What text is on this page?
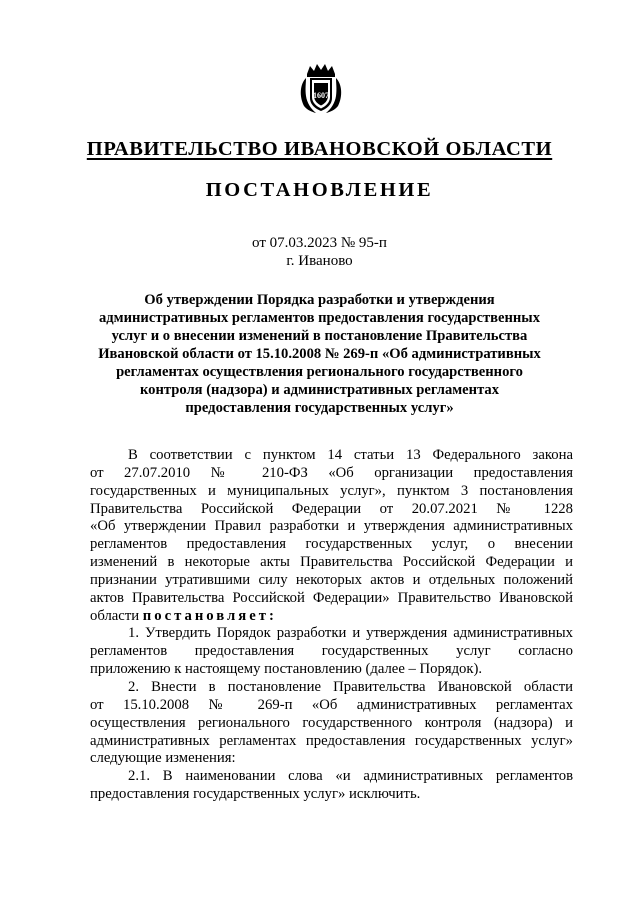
1607
ПРАВИТЕЛЬСТВО ИВАНОВСКОЙ ОБЛАСТИ
ПОСТАНОВЛЕНИЕ
от 07.03.2023 № 95-п
г. Иваново
Об утверждении Порядка разработки и утверждения
административных регламентов предоставления государственных
услуг и о внесении изменений в постановление Правительства
Ивановской области от 15.10.2008 № 269-п «Об административных
регламентах осуществления регионального государственного
контроля (надзора) и административных регламентах
предоставления государственных услуг»
В соответствии с пунктом 14 статьи 13 Федерального закона
от 27.07.2010 № 210-ФЗ «Об организации предоставления
государственных и муниципальных услуг», пунктом 3 постановления
Правительства Российской Федерации от 20.07.2021 № 1228
«Об утверждении Правил разработки и утверждения административных
регламентов предоставления государственных услуг, о внесении
изменений в некоторые акты Правительства Российской Федерации и
признании утратившими силу некоторых актов и отдельных положений
актов Правительства Российской Федерации» Правительство Ивановской
области постановляет:
1. Утвердить Порядок разработки и утверждения административных
регламентов предоставления государственных услуг согласно
приложению к настоящему постановлению (далее – Порядок).
2. Внести в постановление Правительства Ивановской области
от 15.10.2008 № 269-п «Об административных регламентах
осуществления регионального государственного контроля (надзора) и
административных регламентах предоставления государственных услуг»
следующие изменения:
2.1. В наименовании слова «и административных регламентов
предоставления государственных услуг» исключить.
